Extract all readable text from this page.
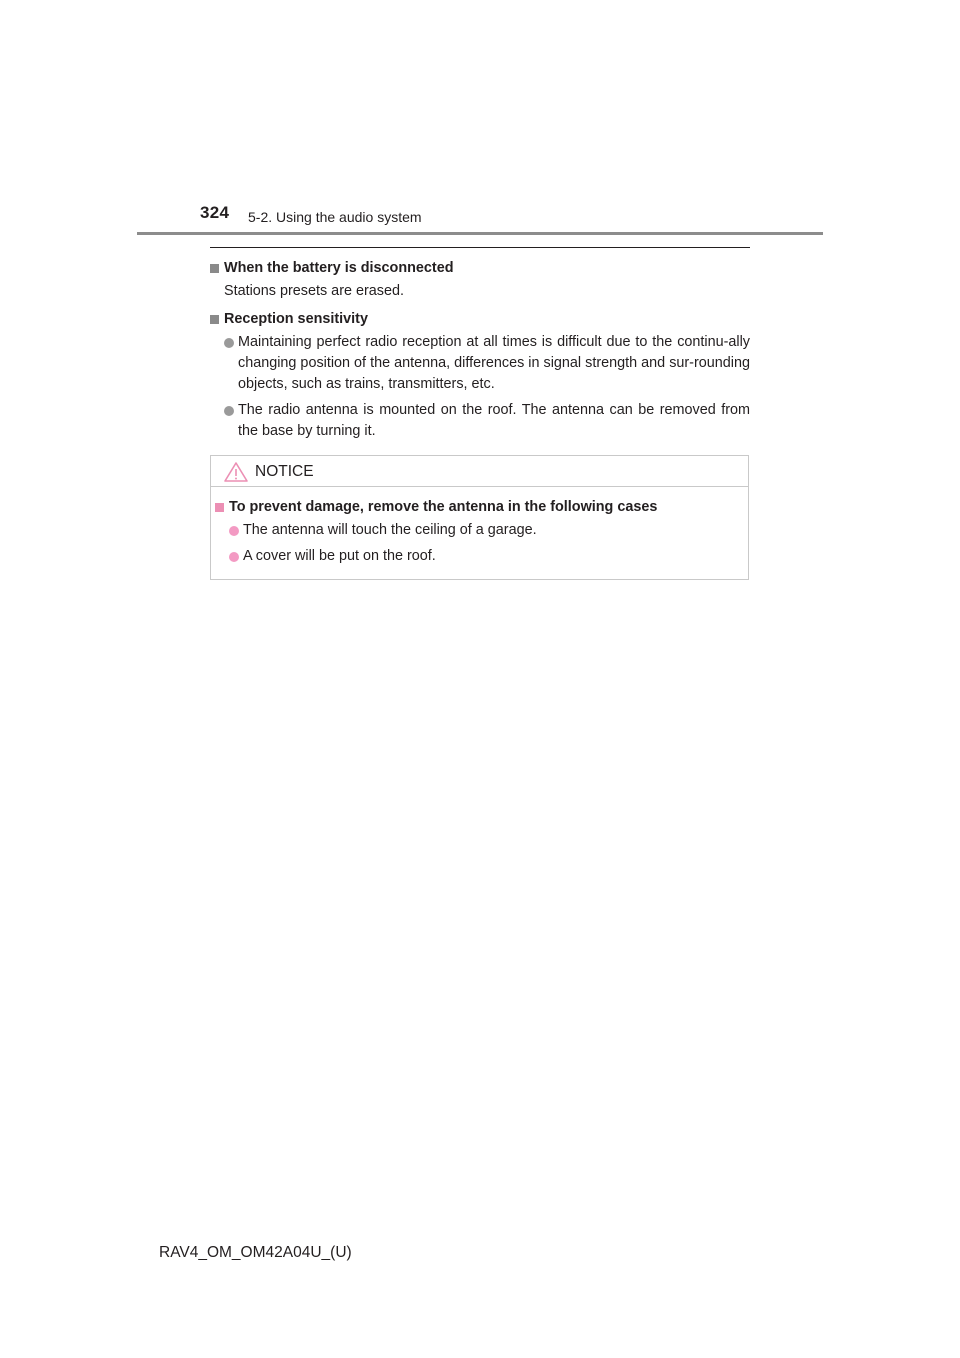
324 5-2. Using the audio system
When the battery is disconnected
Stations presets are erased.
Reception sensitivity
Maintaining perfect radio reception at all times is difficult due to the continu-ally changing position of the antenna, differences in signal strength and sur-rounding objects, such as trains, transmitters, etc.
The radio antenna is mounted on the roof. The antenna can be removed from the base by turning it.
NOTICE
To prevent damage, remove the antenna in the following cases
The antenna will touch the ceiling of a garage.
A cover will be put on the roof.
RAV4_OM_OM42A04U_(U)
